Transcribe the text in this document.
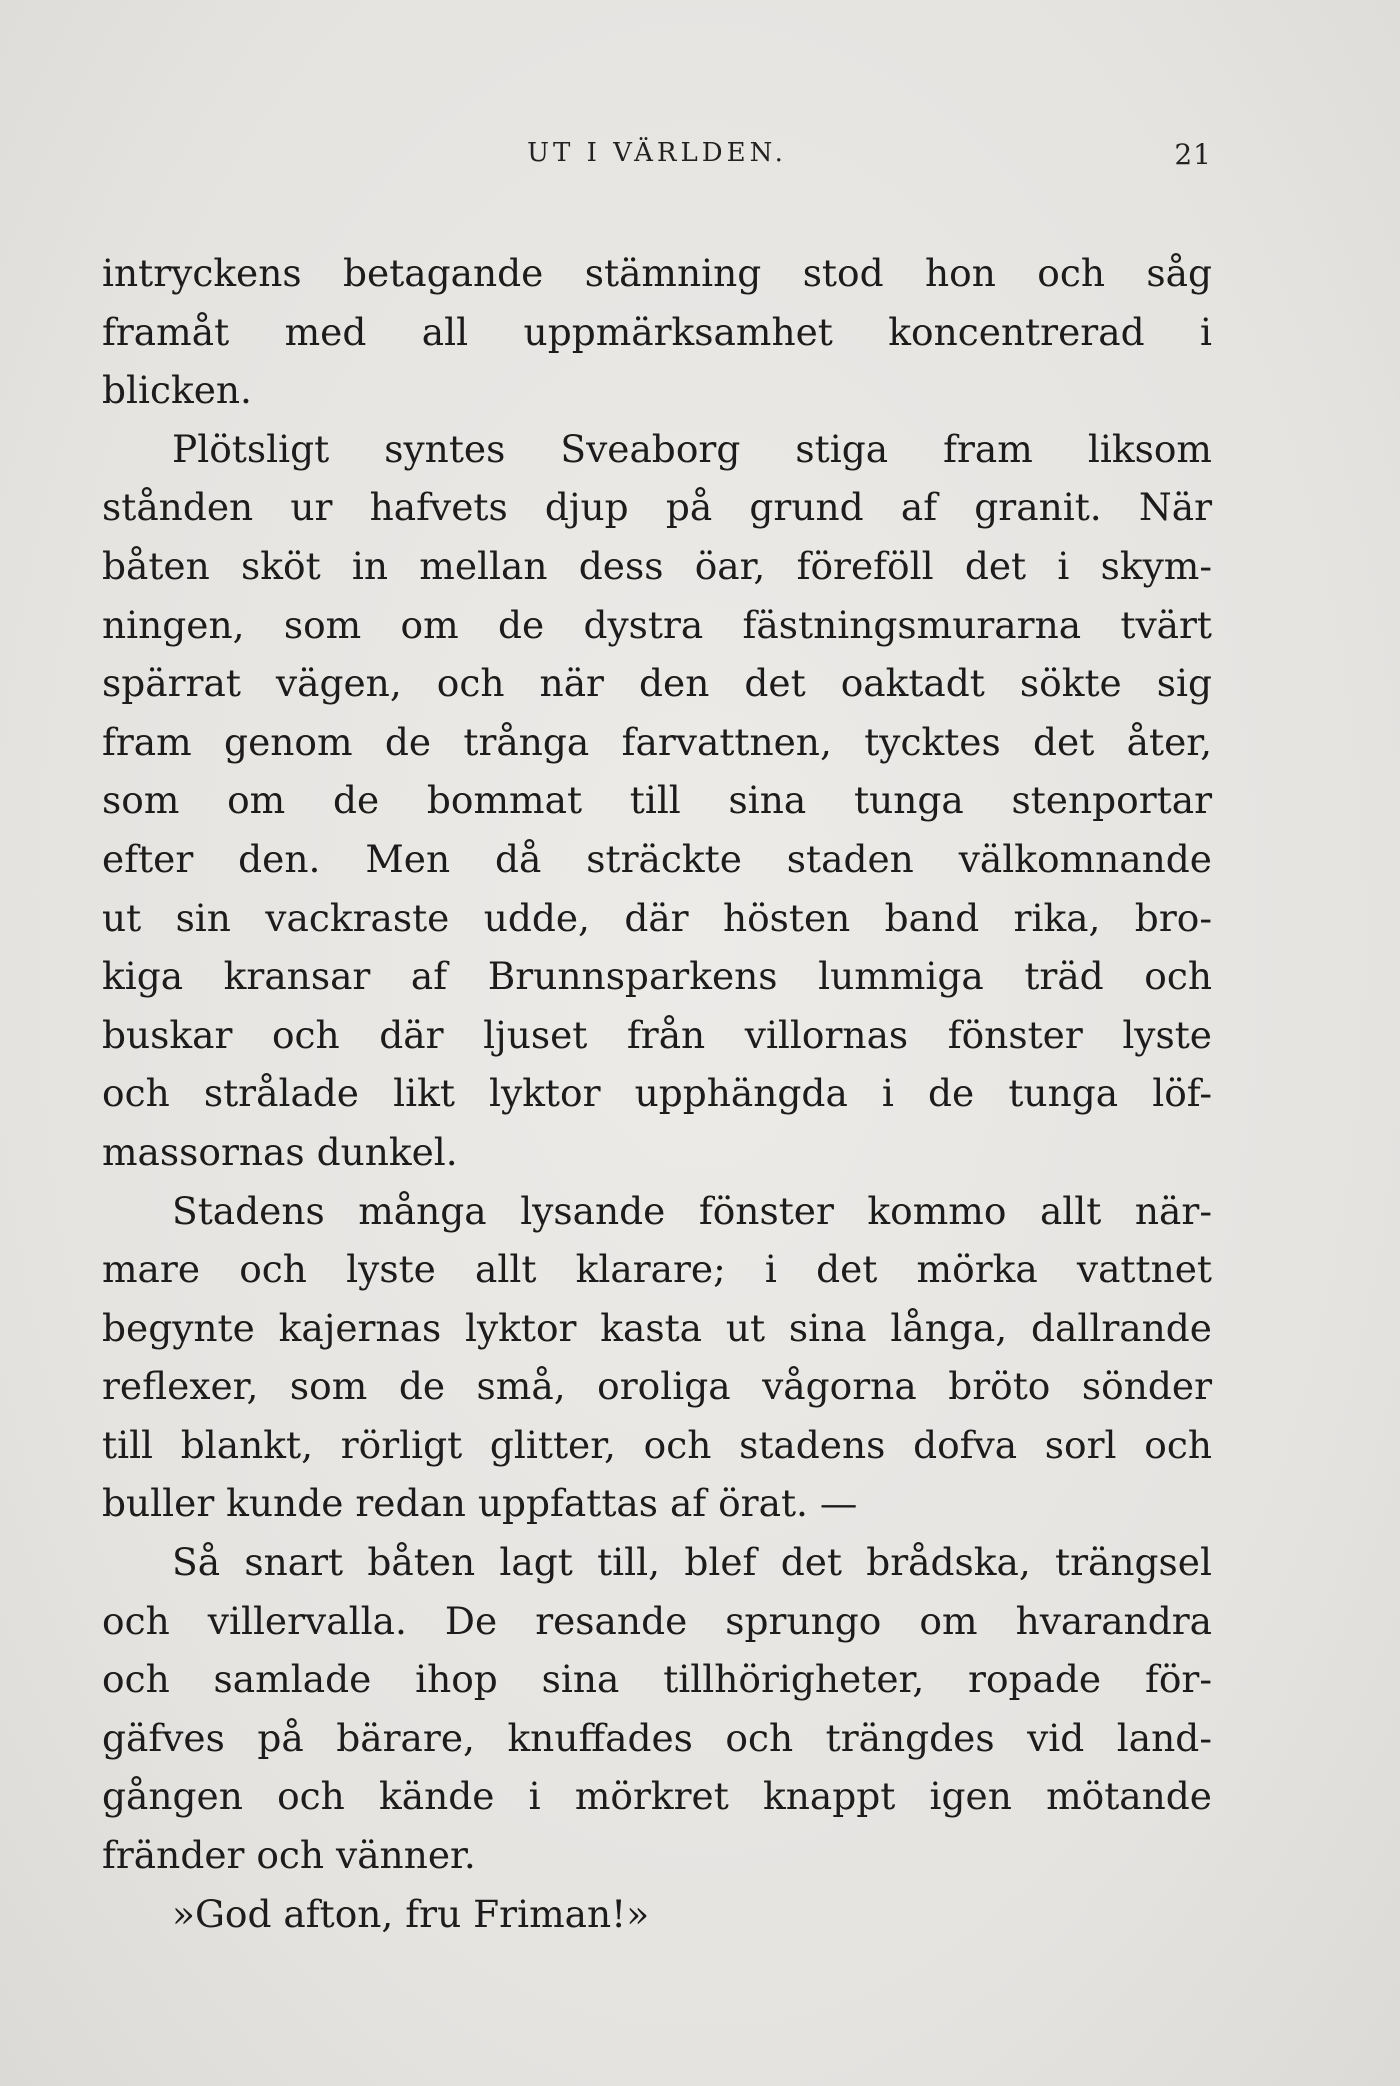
UT I VÄRLDEN.	21
intryckens betagande stämning stod hon och såg
framåt med all uppmärksamhet koncentrerad i
blicken.
Plötsligt syntes Sveaborg stiga fram liksom
stånden ur hafvets djup på grund af granit. När
båten sköt in mellan dess öar, föreföll det i skym-
ningen, som om de dystra fästningsmurarna tvärt
spärrat vägen, och när den det oaktadt sökte sig
fram genom de trånga farvattnen, tycktes det åter,
som om de bommat till sina tunga stenportar
efter den. Men då sträckte staden välkomnande
ut sin vackraste udde, där hösten band rika, bro-
kiga kransar af Brunnsparkens lummiga träd och
buskar och där ljuset från villornas fönster lyste
och strålade likt lyktor upphängda i de tunga löf-
massornas dunkel.
Stadens många lysande fönster kommo allt när-
mare och lyste allt klarare; i det mörka vattnet
begynte kajernas lyktor kasta ut sina långa, dallrande
reflexer, som de små, oroliga vågorna bröto sönder
till blankt, rörligt glitter, och stadens dofva sorl och
buller kunde redan uppfattas af örat. —
Så snart båten lagt till, blef det brådska, trängsel
och villervalla. De resande sprungo om hvarandra
och samlade ihop sina tillhörigheter, ropade för-
gäfves på bärare, knuffades och trängdes vid land-
gången och kände i mörkret knappt igen mötande
fränder och vänner.
»God afton, fru Friman!»
